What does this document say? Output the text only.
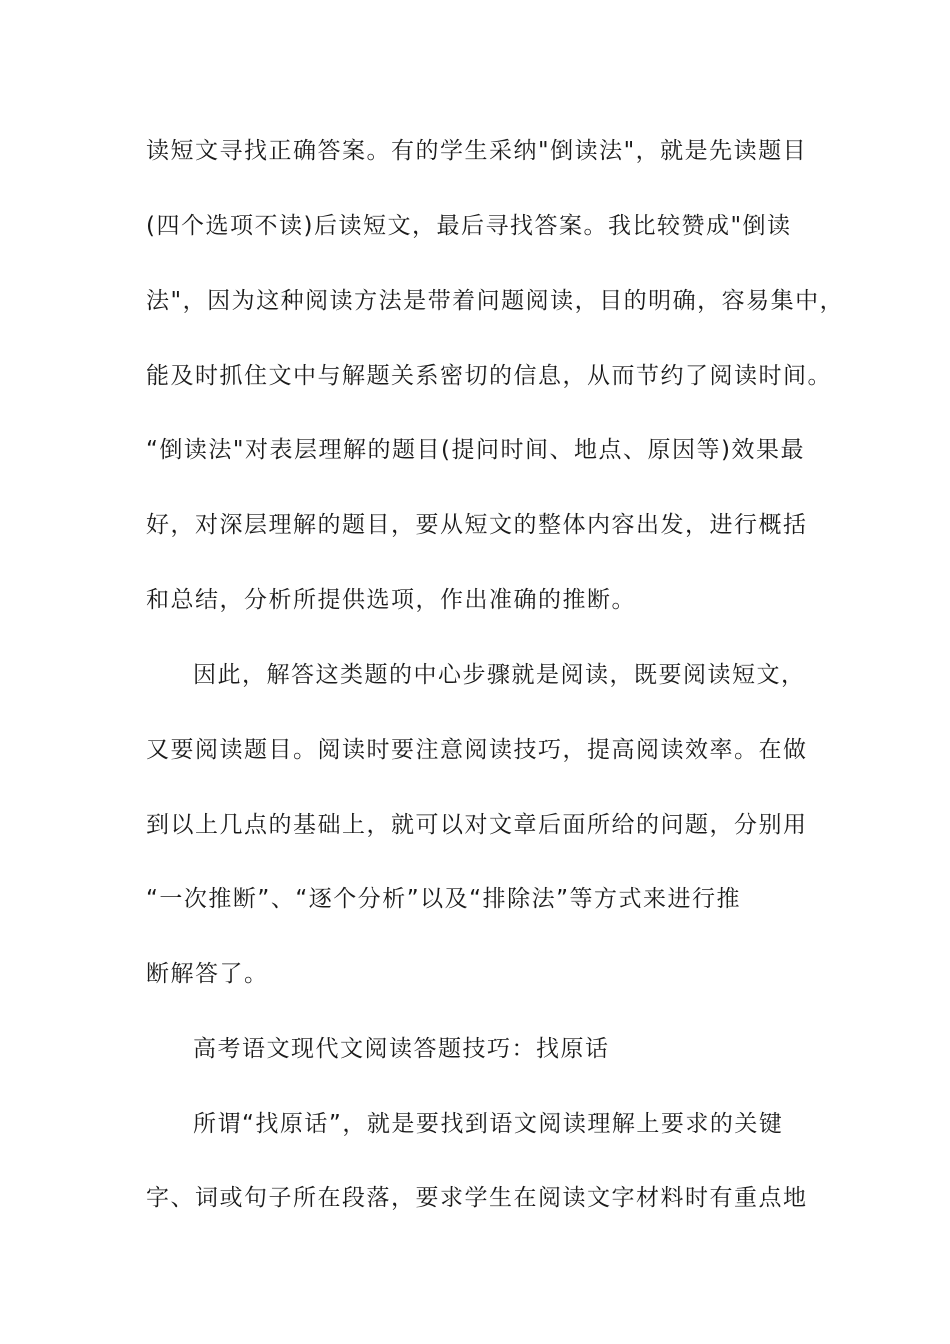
读短文寻找正确答案。有的学生采纳"倒读法"，就是先读题目
(四个选项不读)后读短文，最后寻找答案。我比较赞成"倒读
法"，因为这种阅读方法是带着问题阅读，目的明确，容易集中，
能及时抓住文中与解题关系密切的信息，从而节约了阅读时间。
“倒读法"对表层理解的题目(提问时间、地点、原因等)效果最
好，对深层理解的题目，要从短文的整体内容出发，进行概括
和总结，分析所提供选项，作出准确的推断。
因此，解答这类题的中心步骤就是阅读，既要阅读短文，
又要阅读题目。阅读时要注意阅读技巧，提高阅读效率。在做
到以上几点的基础上，就可以对文章后面所给的问题，分别用
“一次推断”、“逐个分析”以及“排除法”等方式来进行推
断解答了。
高考语文现代文阅读答题技巧：找原话
所谓“找原话”，就是要找到语文阅读理解上要求的关键
字、词或句子所在段落，要求学生在阅读文字材料时有重点地
